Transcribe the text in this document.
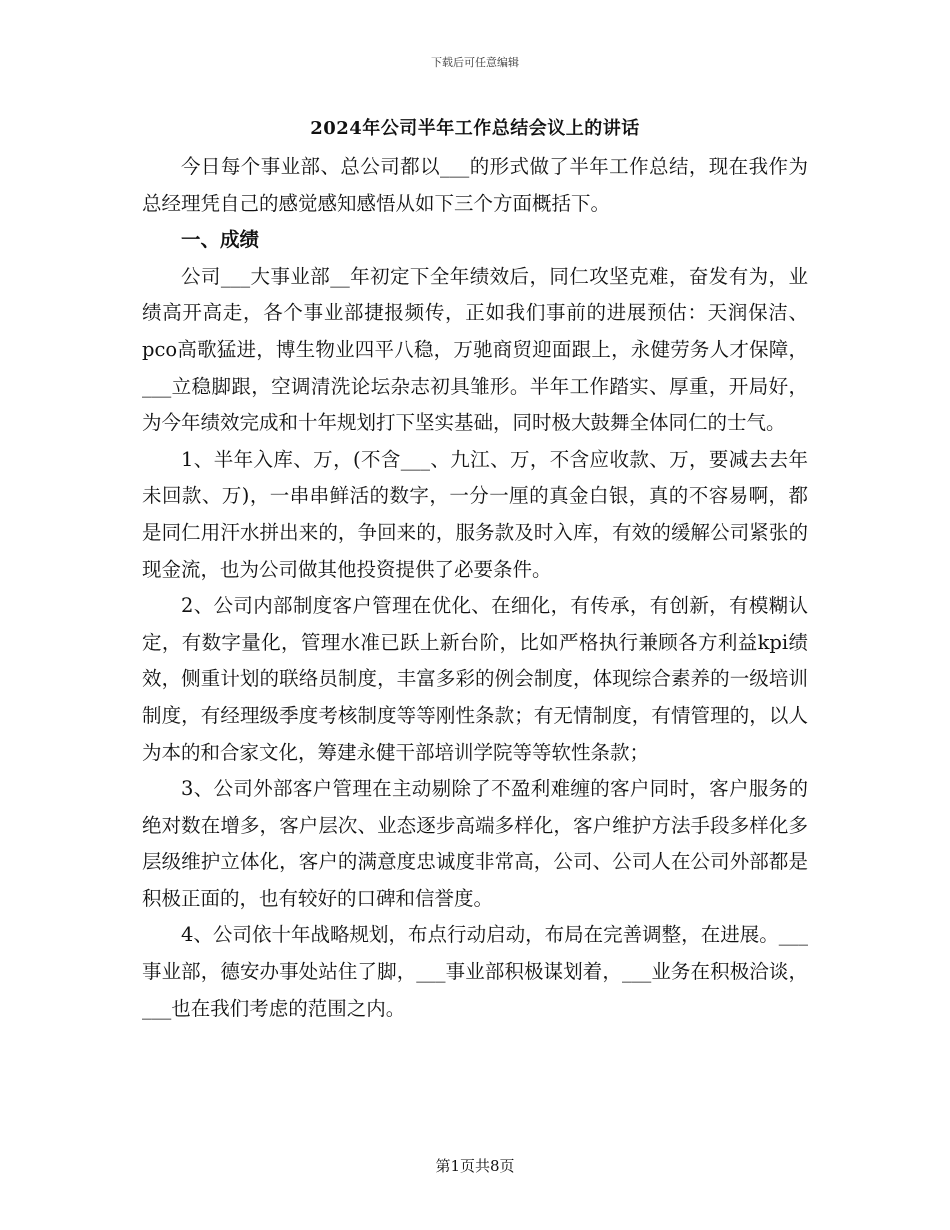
下载后可任意编辑
2024年公司半年工作总结会议上的讲话

今日每个事业部、总公司都以___的形式做了半年工作总结，现在我作为总经理凭自己的感觉感知感悟从如下三个方面概括下。

一、成绩

公司___大事业部__年初定下全年绩效后，同仁攻坚克难，奋发有为，业绩高开高走，各个事业部捷报频传，正如我们事前的进展预估：天润保洁、pco高歌猛进，博生物业四平八稳，万驰商贸迎面跟上，永健劳务人才保障，___立稳脚跟，空调清洗论坛杂志初具雏形。半年工作踏实、厚重，开局好，为今年绩效完成和十年规划打下坚实基础，同时极大鼓舞全体同仁的士气。

1、半年入库、万，(不含___、九江、万，不含应收款、万，要减去去年未回款、万)，一串串鲜活的数字，一分一厘的真金白银，真的不容易啊，都是同仁用汗水拼出来的，争回来的，服务款及时入库，有效的缓解公司紧张的现金流，也为公司做其他投资提供了必要条件。

2、公司内部制度客户管理在优化、在细化，有传承，有创新，有模糊认定，有数字量化，管理水准已跃上新台阶，比如严格执行兼顾各方利益kpi绩效，侧重计划的联络员制度，丰富多彩的例会制度，体现综合素养的一级培训制度，有经理级季度考核制度等等刚性条款；有无情制度，有情管理的，以人为本的和合家文化，筹建永健干部培训学院等等软性条款；

3、公司外部客户管理在主动剔除了不盈利难缠的客户同时，客户服务的绝对数在增多，客户层次、业态逐步高端多样化，客户维护方法手段多样化多层级维护立体化，客户的满意度忠诚度非常高，公司、公司人在公司外部都是积极正面的，也有较好的口碑和信誉度。

4、公司依十年战略规划，布点行动启动，布局在完善调整，在进展。___事业部，德安办事处站住了脚，___事业部积极谋划着，___业务在积极洽谈，___也在我们考虑的范围之内。

第1页共8页
